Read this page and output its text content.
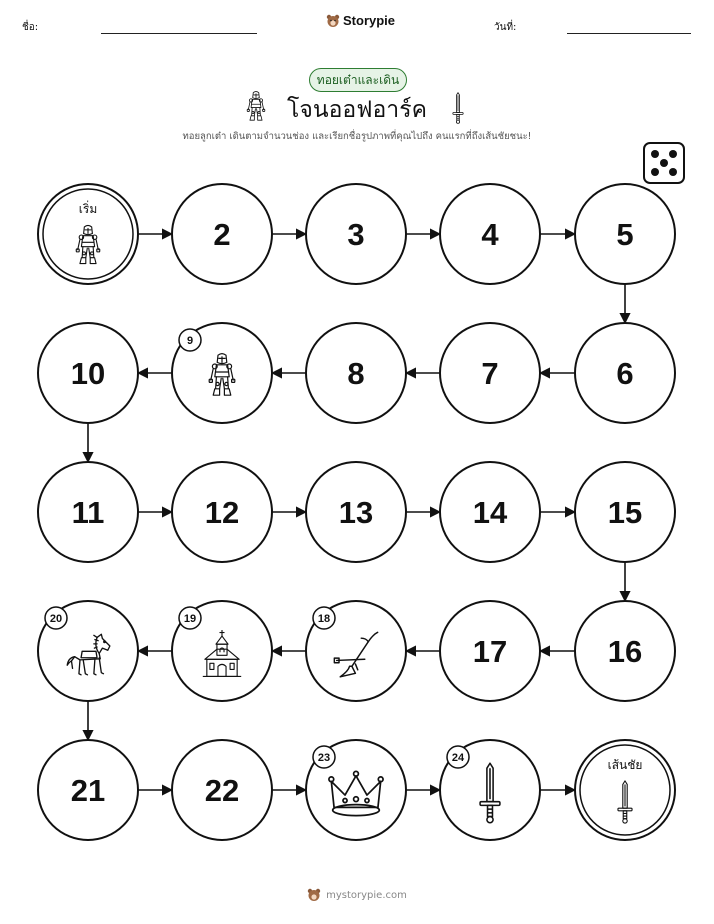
ชื่อ:	Storypie	วันที่:
ทอยเต๋าและเดิน
โจนออฟอาร์ค
ทอยลูกเต๋า เดินตามจำนวนช่อง และเรียกชื่อรูปภาพที่คุณไปถึง คนแรกที่ถึงเส้นชัยชนะ!
เริ่ม
2	3	4	5
10
9
8	7	6
11	12	13	14	15
20	19	18
17	16
21	22
23	24	เส้นชัย
mystorypie.com
